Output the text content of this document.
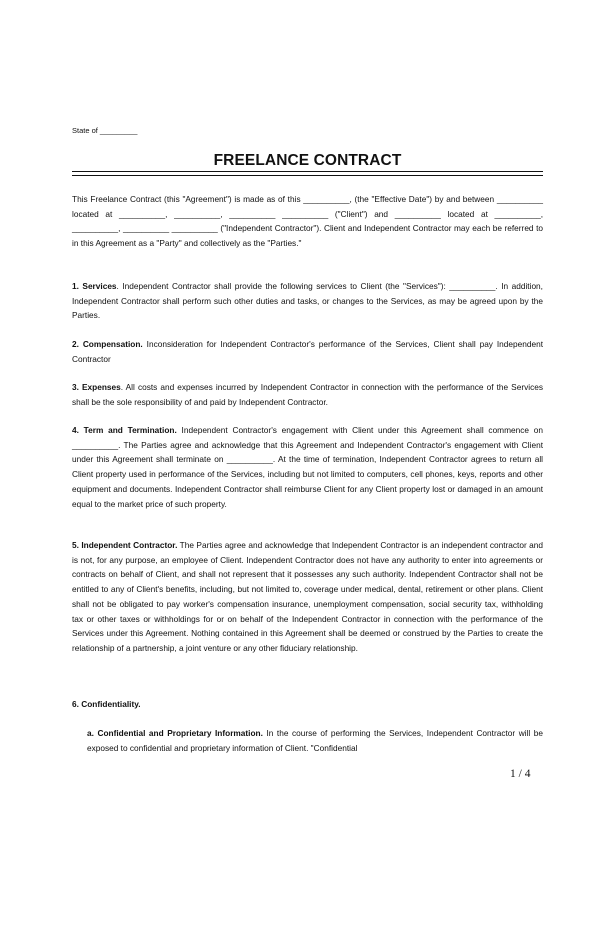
State of _________
FREELANCE CONTRACT

This Freelance Contract (this "Agreement") is made as of this __________, (the "Effective Date") by and between __________ located at __________, __________, __________ __________ ("Client") and __________ located at __________, __________, __________ __________ ("Independent Contractor"). Client and Independent Contractor may each be referred to in this Agreement as a "Party" and collectively as the "Parties."

1. Services. Independent Contractor shall provide the following services to Client (the "Services"): __________. In addition, Independent Contractor shall perform such other duties and tasks, or changes to the Services, as may be agreed upon by the Parties.

2. Compensation. Inconsideration for Independent Contractor's performance of the Services, Client shall pay Independent Contractor

3. Expenses. All costs and expenses incurred by Independent Contractor in connection with the performance of the Services shall be the sole responsibility of and paid by Independent Contractor.

4. Term and Termination. Independent Contractor's engagement with Client under this Agreement shall commence on __________. The Parties agree and acknowledge that this Agreement and Independent Contractor's engagement with Client under this Agreement shall terminate on __________. At the time of termination, Independent Contractor agrees to return all Client property used in performance of the Services, including but not limited to computers, cell phones, keys, reports and other equipment and documents. Independent Contractor shall reimburse Client for any Client property lost or damaged in an amount equal to the market price of such property.

5. Independent Contractor. The Parties agree and acknowledge that Independent Contractor is an independent contractor and is not, for any purpose, an employee of Client. Independent Contractor does not have any authority to enter into agreements or contracts on behalf of Client, and shall not represent that it possesses any such authority. Independent Contractor shall not be entitled to any of Client's benefits, including, but not limited to, coverage under medical, dental, retirement or other plans. Client shall not be obligated to pay worker's compensation insurance, unemployment compensation, social security tax, withholding tax or other taxes or withholdings for or on behalf of the Independent Contractor in connection with the performance of the Services under this Agreement. Nothing contained in this Agreement shall be deemed or construed by the Parties to create the relationship of a partnership, a joint venture or any other fiduciary relationship.

6. Confidentiality.

a. Confidential and Proprietary Information. In the course of performing the Services, Independent Contractor will be exposed to confidential and proprietary information of Client. "Confidential

1 / 4
